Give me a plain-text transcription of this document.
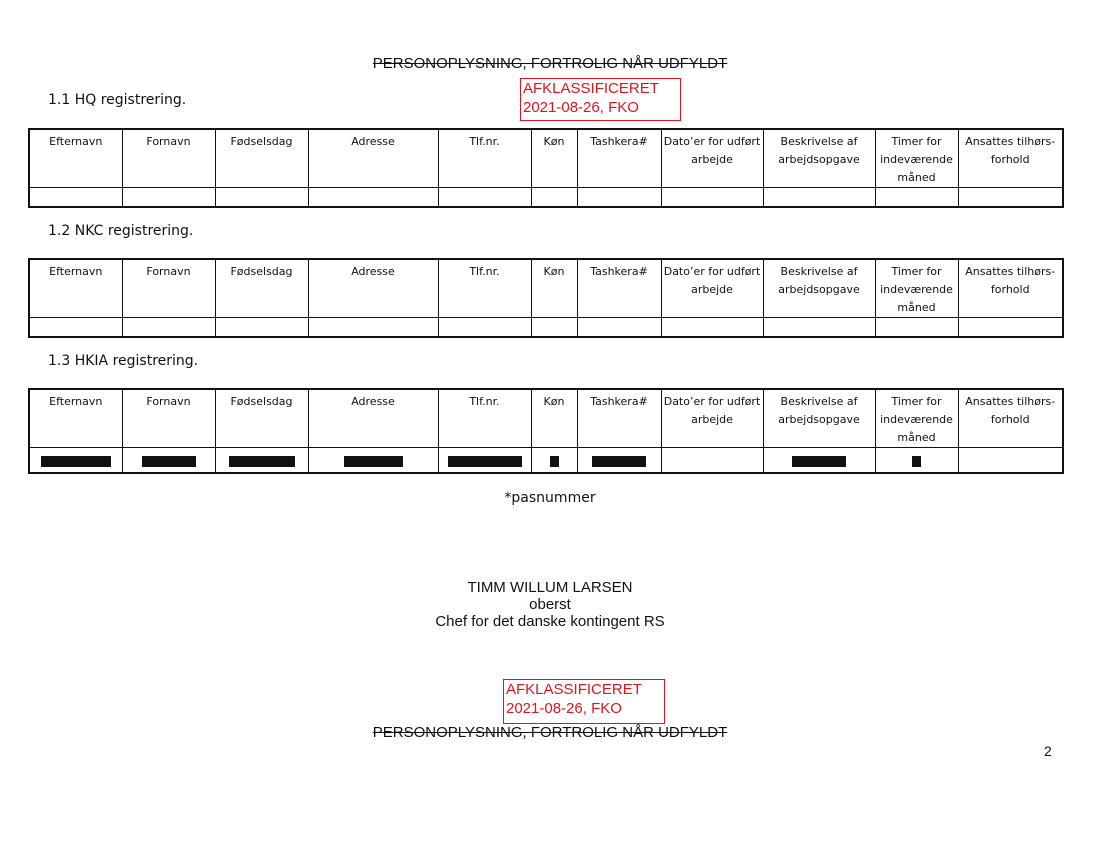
PERSONOPLYSNING, FORTROLIG NÅR UDFYLDT
AFKLASSIFICERET
2021-08-26, FKO
1.1 HQ registrering.
Efternavn	Fornavn	Fødselsdag	Adresse	Tlf.nr.	Køn	Tashkera#	Dato’er for udført arbejde	Beskrivelse af arbejdsopgave	Timer for indeværende måned	Ansattes tilhørs-forhold

1.2 NKC registrering.
Efternavn	Fornavn	Fødselsdag	Adresse	Tlf.nr.	Køn	Tashkera#	Dato’er for udført arbejde	Beskrivelse af arbejdsopgave	Timer for indeværende måned	Ansattes tilhørs-forhold

1.3 HKIA registrering.
Efternavn	Fornavn	Fødselsdag	Adresse	Tlf.nr.	Køn	Tashkera#	Dato’er for udført arbejde	Beskrivelse af arbejdsopgave	Timer for indeværende måned	Ansattes tilhørs-forhold

*pasnummer
TIMM WILLUM LARSEN
oberst
Chef for det danske kontingent RS
AFKLASSIFICERET
2021-08-26, FKO
PERSONOPLYSNING, FORTROLIG NÅR UDFYLDT
2
